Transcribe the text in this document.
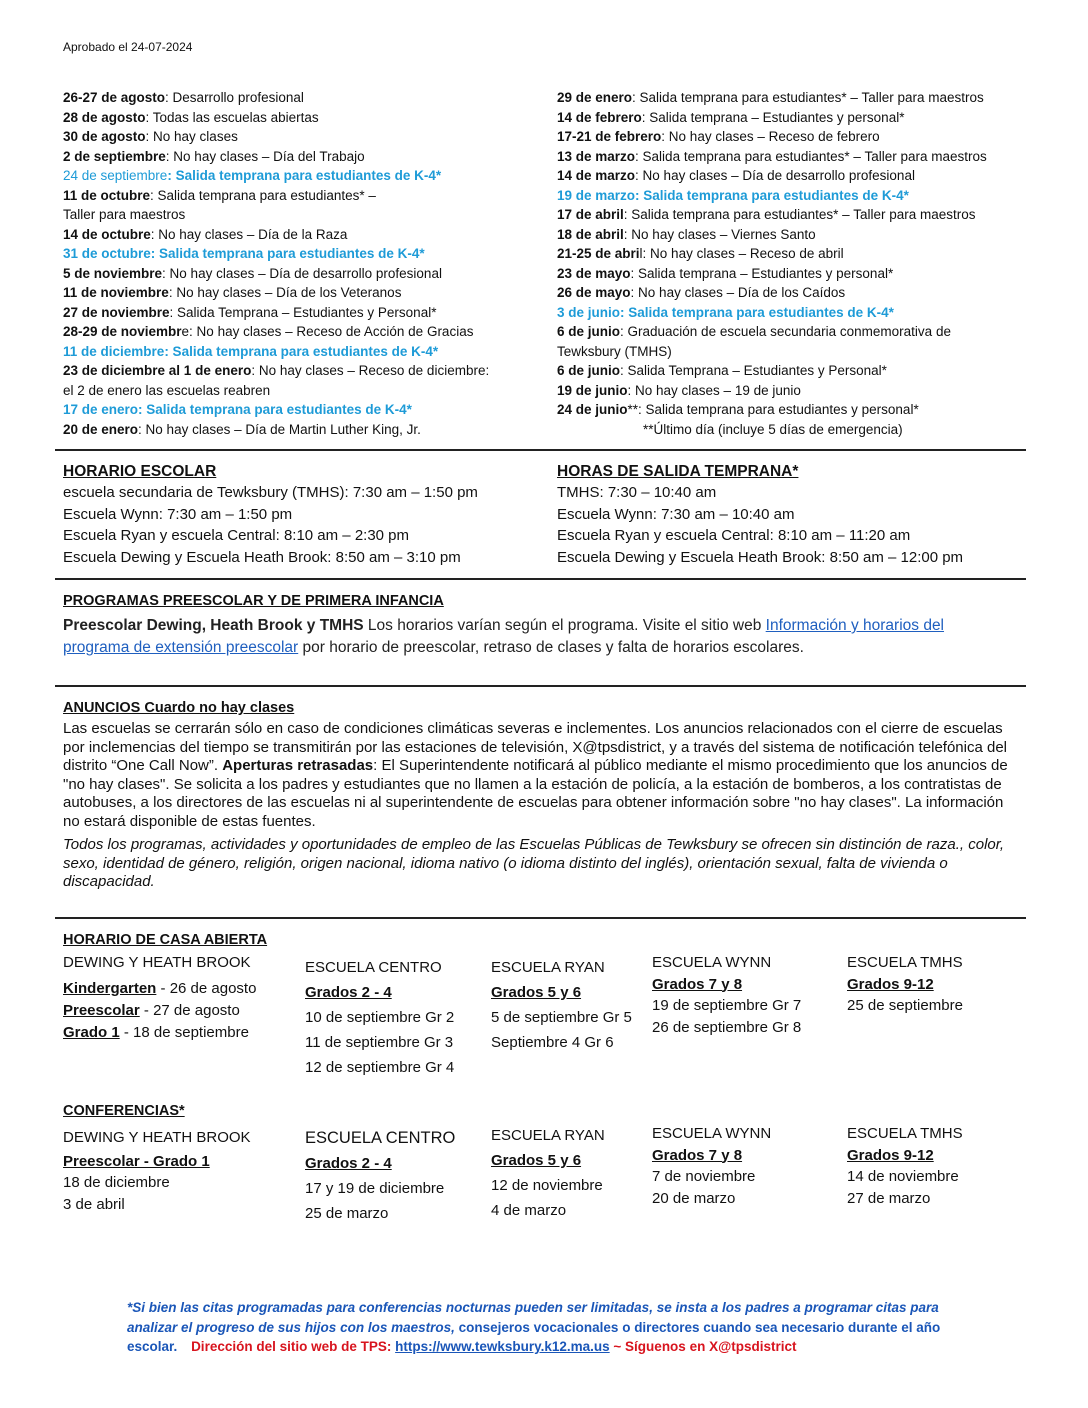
Aprobado el 24-07-2024
26-27 de agosto: Desarrollo profesional
28 de agosto: Todas las escuelas abiertas
30 de agosto: No hay clases
2 de septiembre: No hay clases – Día del Trabajo
24 de septiembre: Salida temprana para estudiantes de K-4*
11 de octubre: Salida temprana para estudiantes* –
Taller para maestros
14 de octubre: No hay clases – Día de la Raza
31 de octubre: Salida temprana para estudiantes de K-4*
5 de noviembre: No hay clases – Día de desarrollo profesional
11 de noviembre: No hay clases – Día de los Veteranos
27 de noviembre: Salida Temprana – Estudiantes y Personal*
28-29 de noviembre: No hay clases – Receso de Acción de Gracias
11 de diciembre: Salida temprana para estudiantes de K-4*
23 de diciembre al 1 de enero: No hay clases – Receso de diciembre:
el 2 de enero las escuelas reabren
17 de enero: Salida temprana para estudiantes de K-4*
20 de enero: No hay clases – Día de Martin Luther King, Jr.
29 de enero: Salida temprana para estudiantes* – Taller para maestros
14 de febrero: Salida temprana – Estudiantes y personal*
17-21 de febrero: No hay clases – Receso de febrero
13 de marzo: Salida temprana para estudiantes* – Taller para maestros
14 de marzo: No hay clases – Día de desarrollo profesional
19 de marzo: Salida temprana para estudiantes de K-4*
17 de abril: Salida temprana para estudiantes* – Taller para maestros
18 de abril: No hay clases – Viernes Santo
21-25 de abril: No hay clases – Receso de abril
23 de mayo: Salida temprana – Estudiantes y personal*
26 de mayo: No hay clases – Día de los Caídos
3 de junio: Salida temprana para estudiantes de K-4*
6 de junio: Graduación de escuela secundaria conmemorativa de
Tewksbury (TMHS)
6 de junio: Salida Temprana – Estudiantes y Personal*
19 de junio: No hay clases – 19 de junio
24 de junio**: Salida temprana para estudiantes y personal*
**Último día (incluye 5 días de emergencia)
HORARIO ESCOLAR
escuela secundaria de Tewksbury (TMHS): 7:30 am – 1:50 pm
Escuela Wynn: 7:30 am – 1:50 pm
Escuela Ryan y escuela Central: 8:10 am – 2:30 pm
Escuela Dewing y Escuela Heath Brook: 8:50 am – 3:10 pm
HORAS DE SALIDA TEMPRANA*
TMHS: 7:30 – 10:40 am
Escuela Wynn: 7:30 am – 10:40 am
Escuela Ryan y escuela Central: 8:10 am – 11:20 am
Escuela Dewing y Escuela Heath Brook: 8:50 am – 12:00 pm
PROGRAMAS PREESCOLAR Y DE PRIMERA INFANCIA
Preescolar Dewing, Heath Brook y TMHS Los horarios varían según el programa. Visite el sitio web Información y horarios del programa de extensión preescolar por horario de preescolar, retraso de clases y falta de horarios escolares.
ANUNCIOS Cuardo no hay clases
Las escuelas se cerrarán sólo en caso de condiciones climáticas severas e inclementes. Los anuncios relacionados con el cierre de escuelas por inclemencias del tiempo se transmitirán por las estaciones de televisión, X@tpsdistrict, y a través del sistema de notificación telefónica del distrito “One Call Now”. Aperturas retrasadas: El Superintendente notificará al público mediante el mismo procedimiento que los anuncios de "no hay clases". Se solicita a los padres y estudiantes que no llamen a la estación de policía, a la estación de bomberos, a los contratistas de autobuses, a los directores de las escuelas ni al superintendente de escuelas para obtener información sobre "no hay clases". La información no estará disponible de estas fuentes.
Todos los programas, actividades y oportunidades de empleo de las Escuelas Públicas de Tewksbury se ofrecen sin distinción de raza., color, sexo, identidad de género, religión, origen nacional, idioma nativo (o idioma distinto del inglés), orientación sexual, falta de vivienda o discapacidad.
HORARIO DE CASA ABIERTA
DEWING Y HEATH BROOK
Kindergarten - 26 de agosto
Preescolar - 27 de agosto
Grado 1 - 18 de septiembre
ESCUELA CENTRO
Grados 2 - 4
10 de septiembre Gr 2
11 de septiembre Gr 3
12 de septiembre Gr 4
ESCUELA RYAN
Grados 5 y 6
5 de septiembre Gr 5
Septiembre 4 Gr 6
ESCUELA WYNN
Grados 7 y 8
19 de septiembre Gr 7
26 de septiembre Gr 8
ESCUELA TMHS
Grados 9-12
25 de septiembre
CONFERENCIAS*
DEWING Y HEATH BROOK
Preescolar - Grado 1
18 de diciembre
3 de abril
ESCUELA CENTRO
Grados 2 - 4
17 y 19 de diciembre
25 de marzo
ESCUELA RYAN
Grados 5 y 6
12 de noviembre
4 de marzo
ESCUELA WYNN
Grados 7 y 8
7 de noviembre
20 de marzo
ESCUELA TMHS
Grados 9-12
14 de noviembre
27 de marzo
*Si bien las citas programadas para conferencias nocturnas pueden ser limitadas, se insta a los padres a programar citas para analizar el progreso de sus hijos con los maestros, consejeros vocacionales o directores cuando sea necesario durante el año escolar. Dirección del sitio web de TPS: https://www.tewksbury.k12.ma.us ~ Síguenos en X@tpsdistrict
